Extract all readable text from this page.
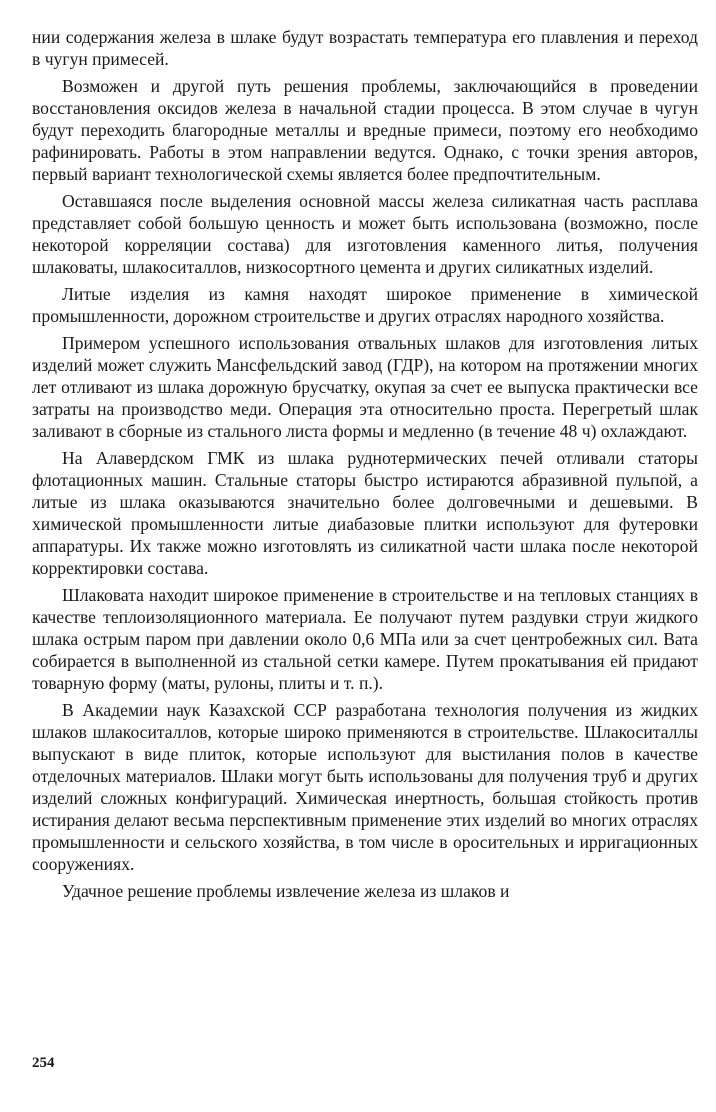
нии содержания железа в шлаке будут возрастать температура его плавления и переход в чугун примесей.

Возможен и другой путь решения проблемы, заключающийся в проведении восстановления оксидов железа в начальной стадии процесса. В этом случае в чугун будут переходить благородные металлы и вредные примеси, поэтому его необходимо рафинировать. Работы в этом направлении ведутся. Однако, с точки зрения авторов, первый вариант технологической схемы является более предпочтительным.

Оставшаяся после выделения основной массы железа силикатная часть расплава представляет собой большую ценность и может быть использована (возможно, после некоторой корреляции состава) для изготовления каменного литья, получения шлаковаты, шлакоситаллов, низкосортного цемента и других силикатных изделий.

Литые изделия из камня находят широкое применение в химической промышленности, дорожном строительстве и других отраслях народного хозяйства.

Примером успешного использования отвальных шлаков для изготовления литых изделий может служить Мансфельдский завод (ГДР), на котором на протяжении многих лет отливают из шлака дорожную брусчатку, окупая за счет ее выпуска практически все затраты на производство меди. Операция эта относительно проста. Перегретый шлак заливают в сборные из стального листа формы и медленно (в течение 48 ч) охлаждают.

На Алавердском ГМК из шлака руднотермических печей отливали статоры флотационных машин. Стальные статоры быстро истираются абразивной пульпой, а литые из шлака оказываются значительно более долговечными и дешевыми. В химической промышленности литые диабазовые плитки используют для футеровки аппаратуры. Их также можно изготовлять из силикатной части шлака после некоторой корректировки состава.

Шлаковата находит широкое применение в строительстве и на тепловых станциях в качестве теплоизоляционного материала. Ее получают путем раздувки струи жидкого шлака острым паром при давлении около 0,6 МПа или за счет центробежных сил. Вата собирается в выполненной из стальной сетки камере. Путем прокатывания ей придают товарную форму (маты, рулоны, плиты и т. п.).

В Академии наук Казахской ССР разработана технология получения из жидких шлаков шлакоситаллов, которые широко применяются в строительстве. Шлакоситаллы выпускают в виде плиток, которые используют для выстилания полов в качестве отделочных материалов. Шлаки могут быть использованы для получения труб и других изделий сложных конфигураций. Химическая инертность, большая стойкость против истирания делают весьма перспективным применение этих изделий во многих отраслях промышленности и сельского хозяйства, в том числе в оросительных и ирригационных сооружениях.

Удачное решение проблемы извлечение железа из шлаков и

254
